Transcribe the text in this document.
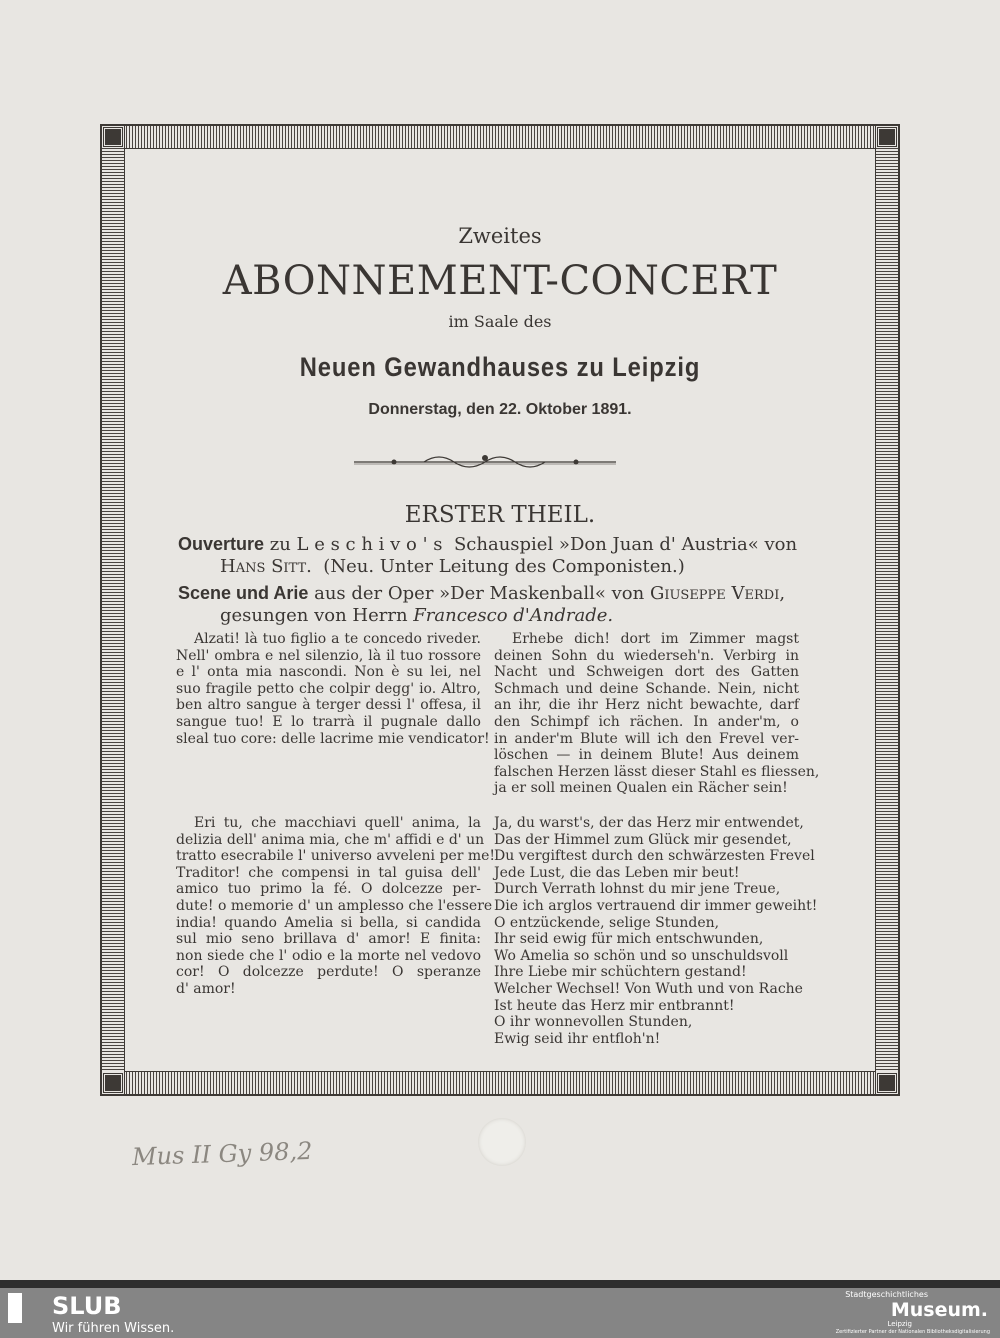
Zweites
ABONNEMENT-CONCERT
im Saale des
Neuen Gewandhauses zu Leipzig
Donnerstag, den 22. Oktober 1891.
ERSTER THEIL.
Ouverture zu L e s c h i v o ' s  Schauspiel »Don Juan d' Austria« von
Hans Sitt.  (Neu. Unter Leitung des Componisten.)
Scene und Arie aus der Oper »Der Maskenball« von Giuseppe Verdi,
gesungen von Herrn Francesco d'Andrade.
Alzati! là tuo figlio a te concedo riveder.
Nell' ombra e nel silenzio, là il tuo rossore
e l' onta mia nascondi. Non è su lei, nel
suo fragile petto che colpir degg' io. Altro,
ben altro sangue à terger dessi l' offesa, il
sangue tuo! E lo trarrà il pugnale dallo
sleal tuo core: delle lacrime mie vendicator!
Erhebe dich! dort im Zimmer magst
deinen Sohn du wiederseh'n. Verbirg in
Nacht und Schweigen dort des Gatten
Schmach und deine Schande. Nein, nicht
an ihr, die ihr Herz nicht bewachte, darf
den Schimpf ich rächen. In ander'm, o
in ander'm Blute will ich den Frevel ver-
löschen — in deinem Blute! Aus deinem
falschen Herzen lässt dieser Stahl es fliessen,
ja er soll meinen Qualen ein Rächer sein!
Eri tu, che macchiavi quell' anima, la
delizia dell' anima mia, che m' affidi e d' un
tratto esecrabile l' universo avveleni per me!
Traditor! che compensi in tal guisa dell'
amico tuo primo la fé. O dolcezze per-
dute! o memorie d' un amplesso che l'essere
india! quando Amelia si bella, si candida
sul mio seno brillava d' amor! E finita:
non siede che l' odio e la morte nel vedovo
cor! O dolcezze perdute! O speranze
d' amor!
Ja, du warst's, der das Herz mir entwendet,
Das der Himmel zum Glück mir gesendet,
Du vergiftest durch den schwärzesten Frevel
Jede Lust, die das Leben mir beut!
Durch Verrath lohnst du mir jene Treue,
Die ich arglos vertrauend dir immer geweiht!
O entzückende, selige Stunden,
Ihr seid ewig für mich entschwunden,
Wo Amelia so schön und so unschuldsvoll
Ihre Liebe mir schüchtern gestand!
Welcher Wechsel! Von Wuth und von Rache
Ist heute das Herz mir entbrannt!
O ihr wonnevollen Stunden,
Ewig seid ihr entfloh'n!
Mus II Gy 98,2
SLUB
Wir führen Wissen.
Stadtgeschichtliches
Museum.
Leipzig
Zertifizierter Partner der Nationalen Bibliotheksdigitalisierung
